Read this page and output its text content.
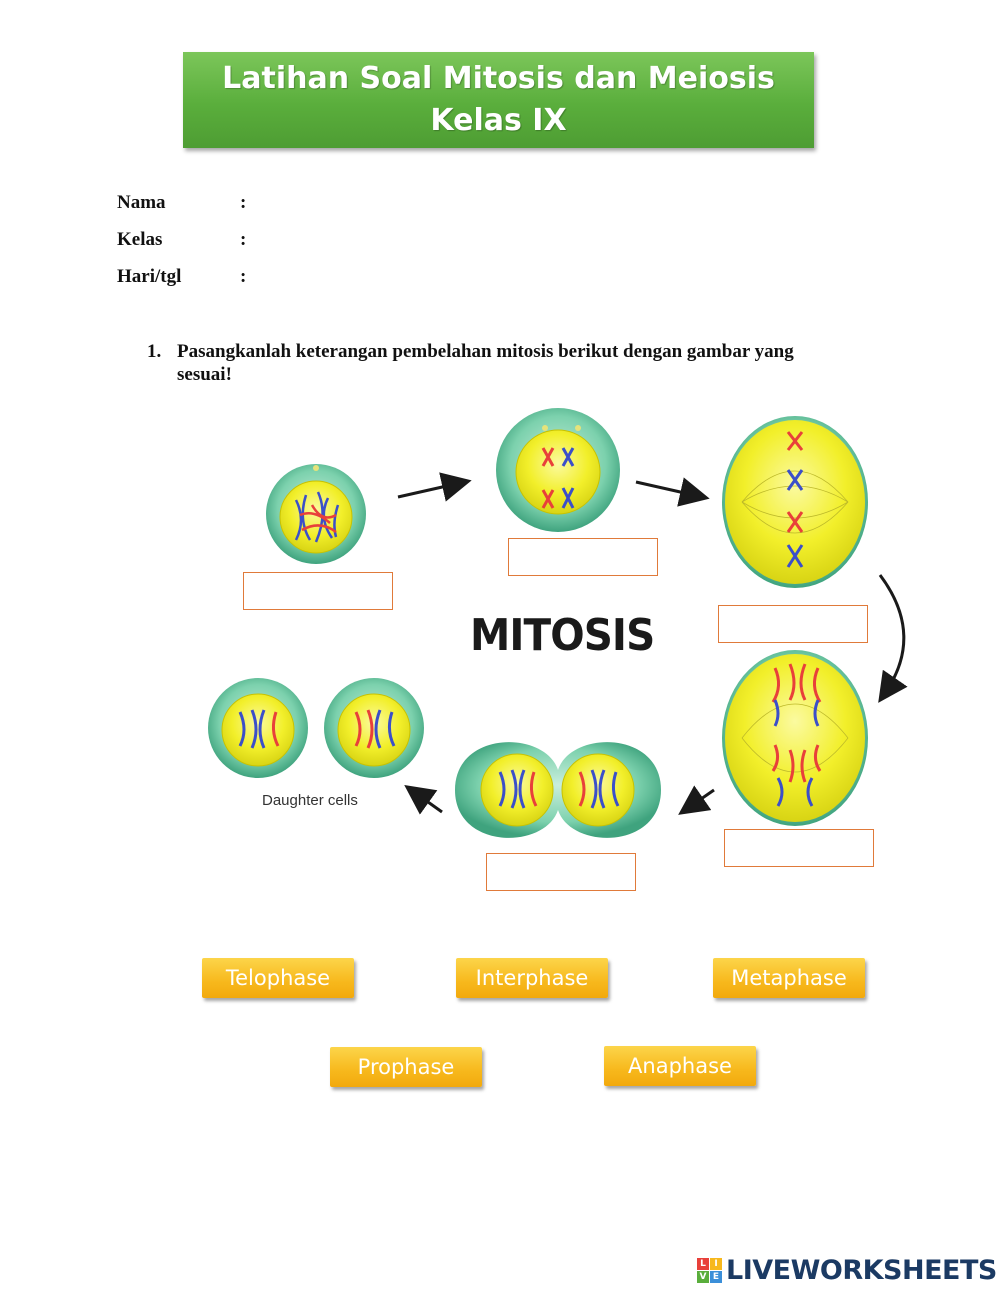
Latihan Soal Mitosis dan Meiosis
Kelas IX
Nama	:
Kelas	:
Hari/tgl	:
1. Pasangkanlah keterangan pembelahan mitosis berikut dengan gambar yang sesuai!
MITOSIS
Daughter cells
Telophase	Interphase	Metaphase
Prophase	Anaphase
L I
V E LIVEWORKSHEETS
